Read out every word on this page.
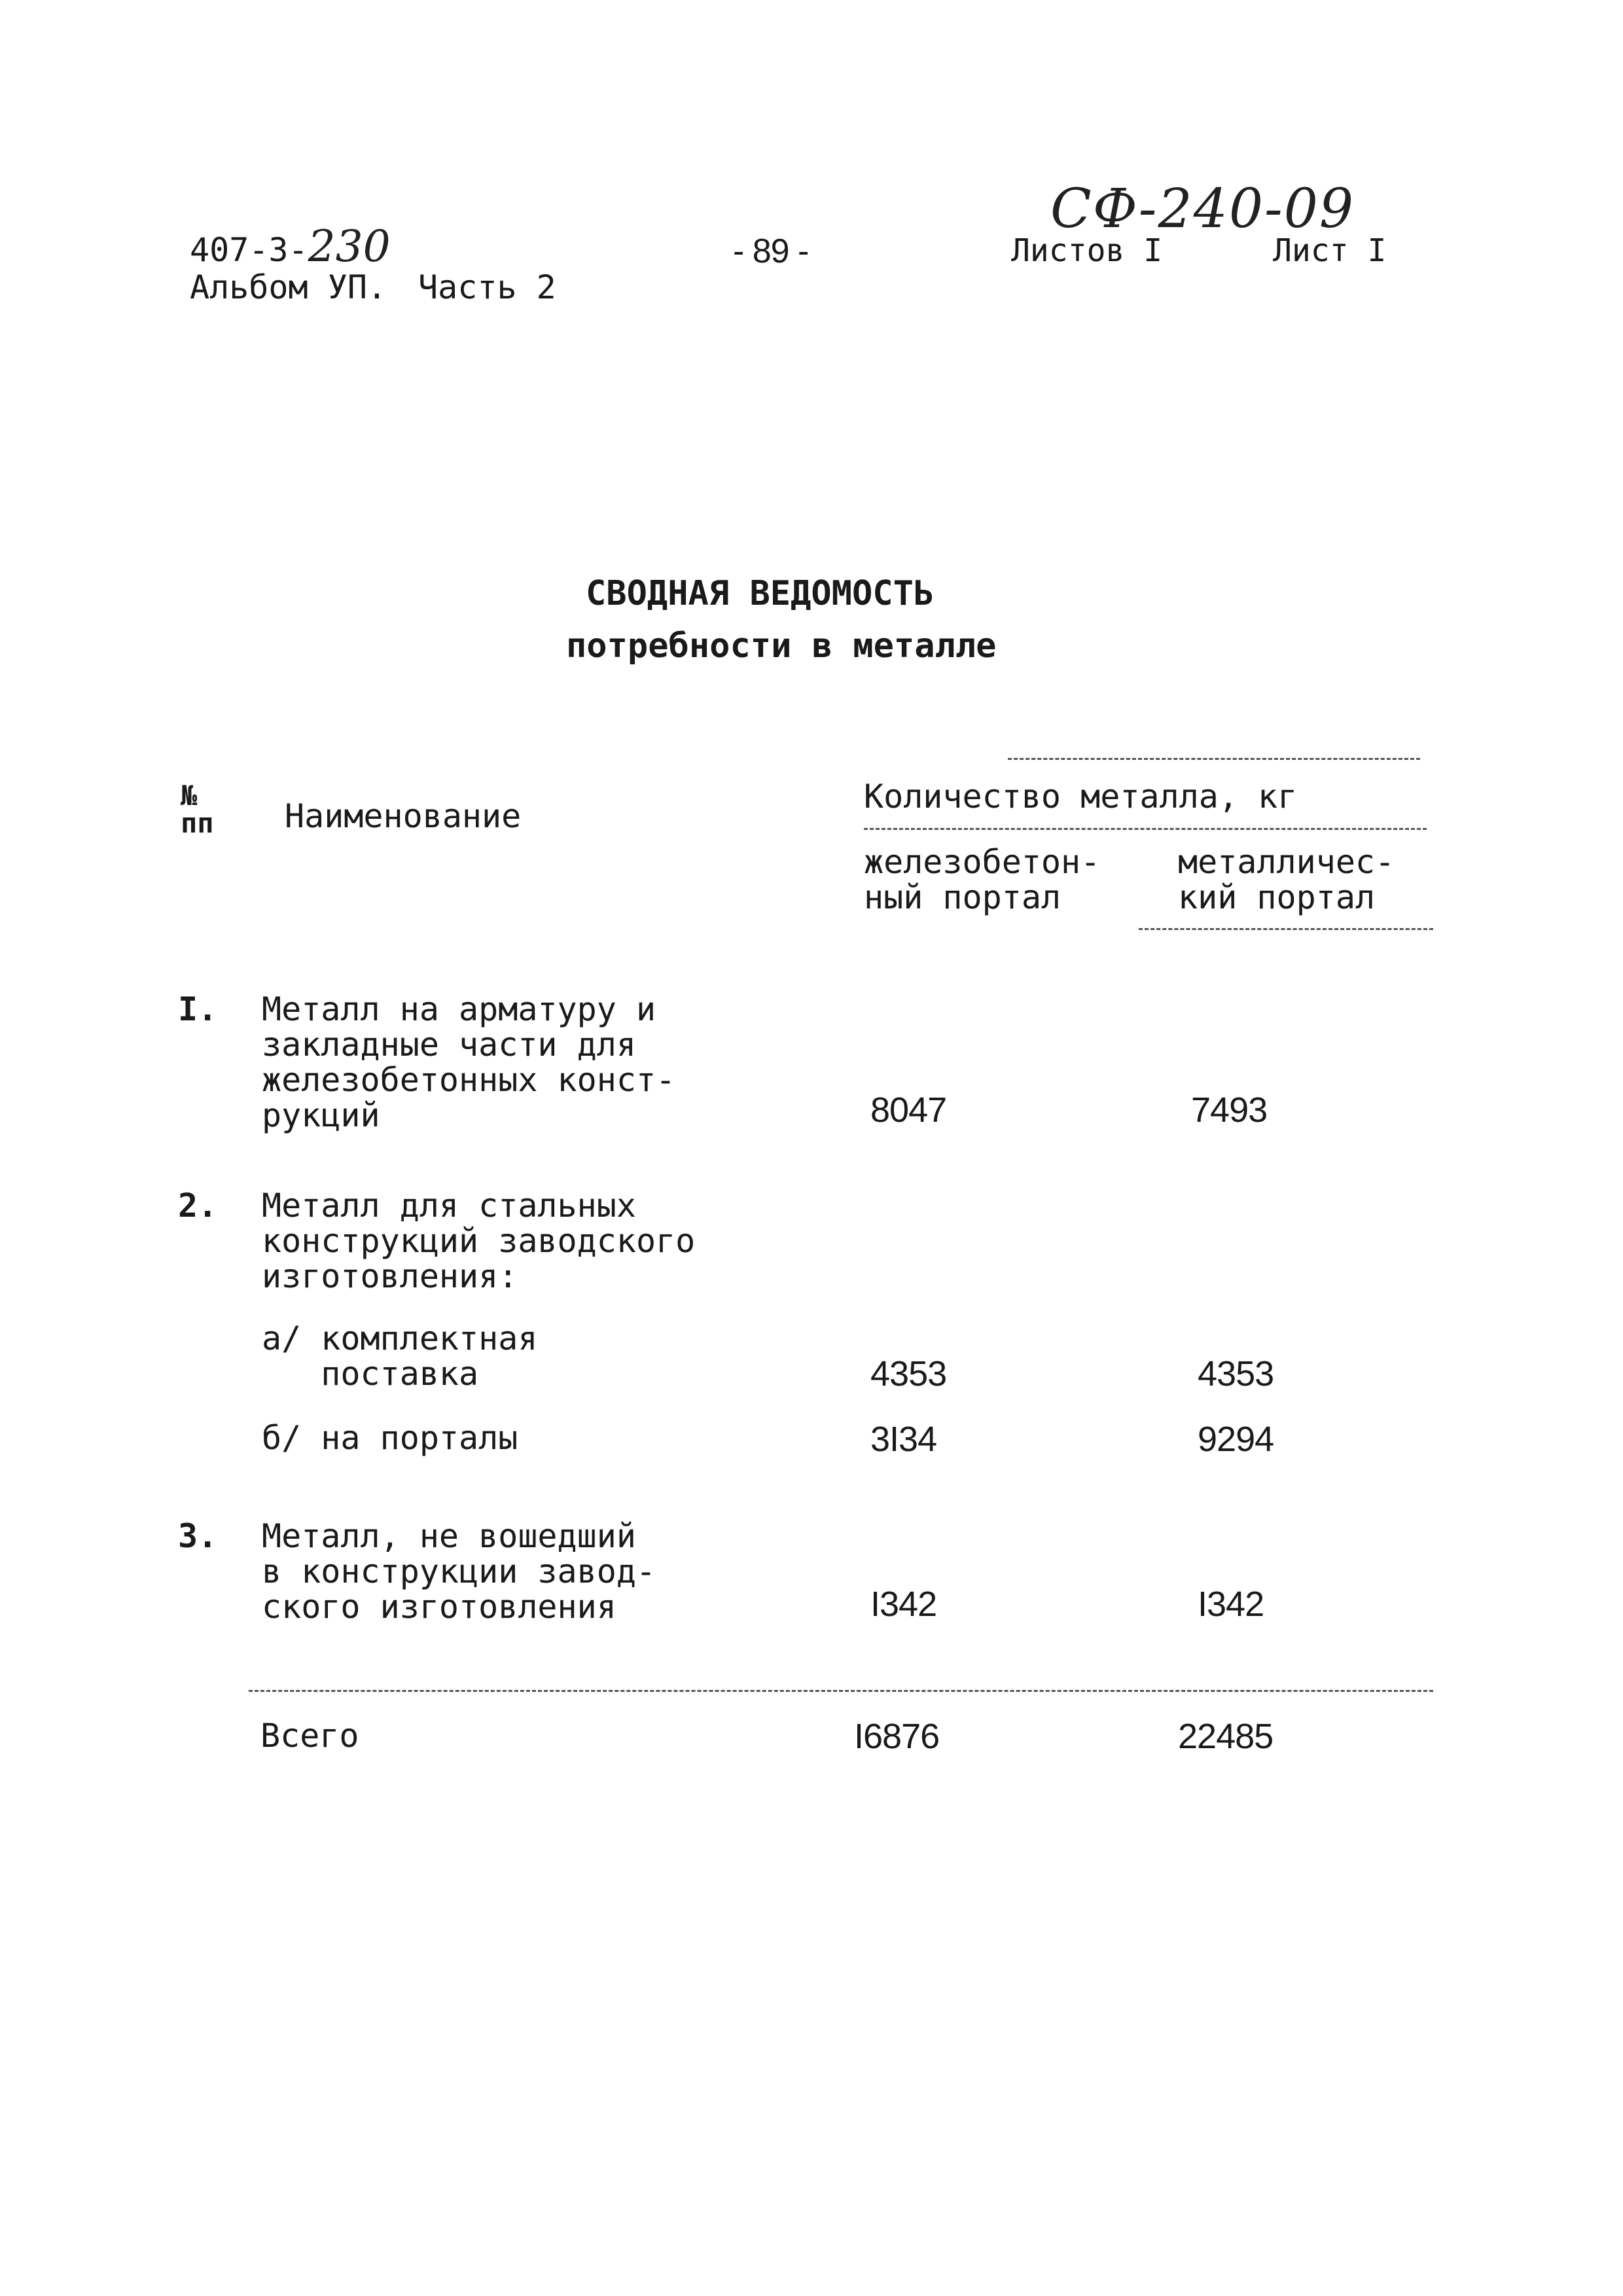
407-3-230
Альбом УП. Часть 2
- 89 -
СФ-240-09
Листов I	Лист I
СВОДНАЯ ВЕДОМОСТЬ
потребности в металле
№
пп Наименование
Количество металла, кг
железобетон-
ный портал
металличес-
кий портал
I. Металл на арматуру и
закладные части для
железобетонных конст-
рукций	8047	7493
2. Металл для стальных
конструкций заводского
изготовления:
а/ комплектная
поставка	4353	4353
б/ на порталы	3I34	9294
3. Металл, не вошедший
в конструкции завод-
ского изготовления	I342	I342
Всего	I6876	22485
